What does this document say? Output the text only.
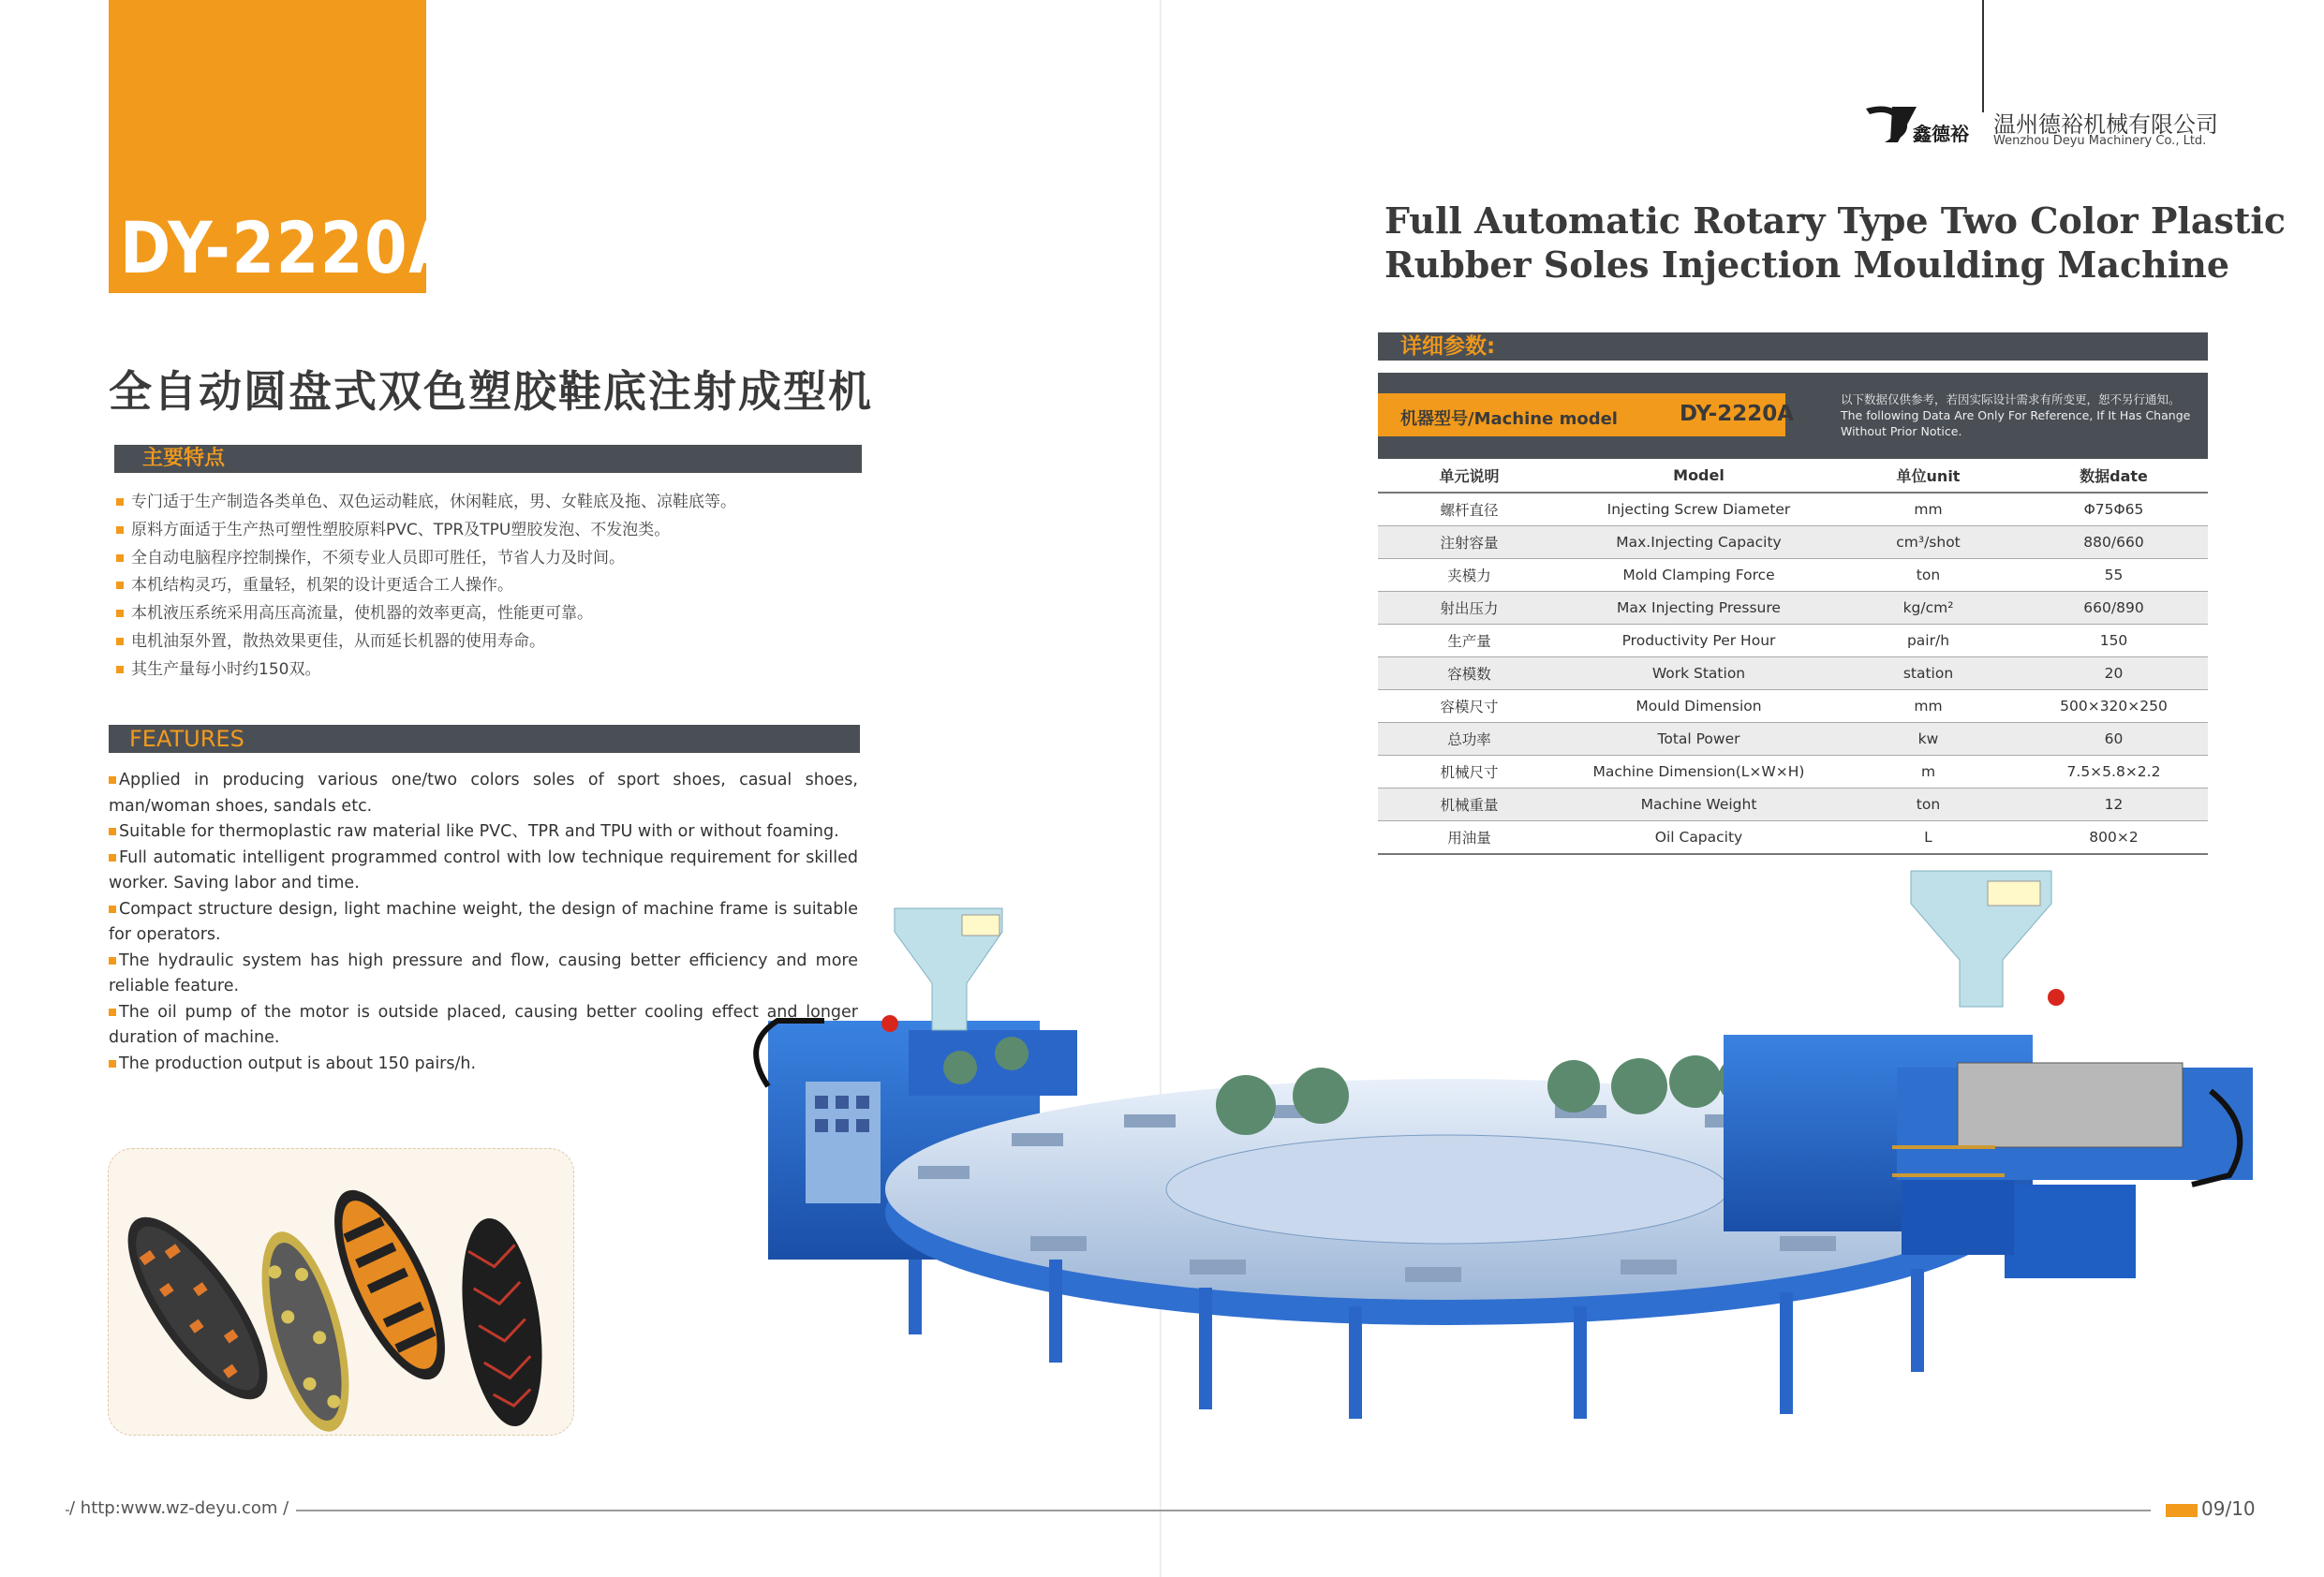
DY-2220A
全自动圆盘式双色塑胶鞋底注射成型机
主要特点
专门适于生产制造各类单色、双色运动鞋底，休闲鞋底，男、女鞋底及拖、凉鞋底等。
原料方面适于生产热可塑性塑胶原料PVC、TPR及TPU塑胶发泡、不发泡类。
全自动电脑程序控制操作，不须专业人员即可胜任，节省人力及时间。
本机结构灵巧，重量轻，机架的设计更适合工人操作。
本机液压系统采用高压高流量，使机器的效率更高，性能更可靠。
电机油泵外置，散热效果更佳，从而延长机器的使用寿命。
其生产量每小时约150双。
FEATURES
Applied in producing various one/two colors soles of sport shoes, casual shoes, man/woman shoes, sandals etc.
Suitable for thermoplastic raw material like PVC、TPR and TPU with or without foaming.
Full automatic intelligent programmed control with low technique requirement for skilled worker. Saving labor and time.
Compact structure design, light machine weight, the design of machine frame is suitable for operators.
The hydraulic system has high pressure and flow, causing better efficiency and more reliable feature.
The oil pump of the motor is outside placed, causing better cooling effect and longer duration of machine.
The production output is about 150 pairs/h.
/ http:www.wz-deyu.com /	09/10
鑫德裕 温州德裕机械有限公司
Wenzhou Deyu Machinery Co., Ltd.
Full Automatic Rotary Type Two Color Plastic
Rubber Soles Injection Moulding Machine
详细参数:
机器型号/Machine model	DY-2220A
以下数据仅供参考，若因实际设计需求有所变更，恕不另行通知。The following Data Are Only For Reference, If It Has Change Without Prior Notice.
单元说明	Model	单位unit	数据date
螺杆直径	Injecting Screw Diameter	mm	Φ75Φ65
注射容量	Max.Injecting Capacity	cm³/shot	880/660
夹模力	Mold Clamping Force	ton	55
射出压力	Max Injecting Pressure	kg/cm²	660/890
生产量	Productivity Per Hour	pair/h	150
容模数	Work Station	station	20
容模尺寸	Mould Dimension	mm	500×320×250
总功率	Total Power	kw	60
机械尺寸	Machine Dimension(L×W×H)	m	7.5×5.8×2.2
机械重量	Machine Weight	ton	12
用油量	Oil Capacity	L	800×2
